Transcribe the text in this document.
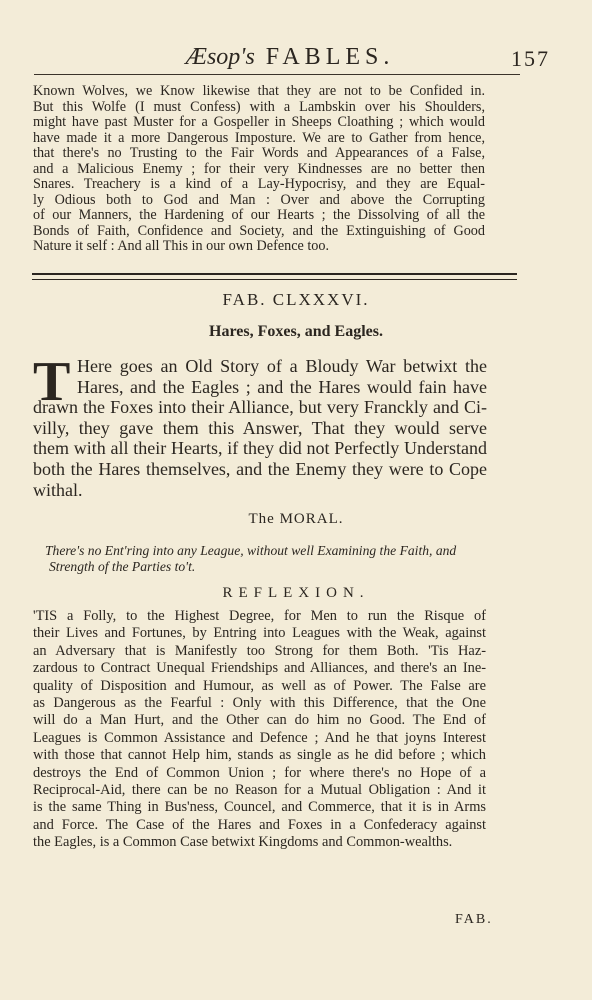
Æsop's FABLES.	157
Known Wolves, we Know likewise that they are not to be Confided in.
But this Wolfe (I must Confess) with a Lambskin over his Shoulders,
might have past Muster for a Gospeller in Sheeps Cloathing ; which would
have made it a more Dangerous Imposture. We are to Gather from hence,
that there's no Trusting to the Fair Words and Appearances of a False,
and a Malicious Enemy ; for their very Kindnesses are no better then
Snares. Treachery is a kind of a Lay-Hypocrisy, and they are Equal-
ly Odious both to God and Man : Over and above the Corrupting
of our Manners, the Hardening of our Hearts ; the Dissolving of all the
Bonds of Faith, Confidence and Society, and the Extinguishing of Good
Nature it self : And all This in our own Defence too.
FAB. CLXXXVI.
Hares, Foxes, and Eagles.
T Here goes an Old Story of a Bloudy War betwixt the
Hares, and the Eagles ; and the Hares would fain have
drawn the Foxes into their Alliance, but very Franckly and Ci-
villy, they gave them this Answer, That they would serve
them with all their Hearts, if they did not Perfectly Understand
both the Hares themselves, and the Enemy they were to Cope
withal.
The MORAL.
There's no Ent'ring into any League, without well Examining the Faith, and
Strength of the Parties to't.
REFLEXION.
'TIS a Folly, to the Highest Degree, for Men to run the Risque of
their Lives and Fortunes, by Entring into Leagues with the Weak, against
an Adversary that is Manifestly too Strong for them Both. 'Tis Haz-
zardous to Contract Unequal Friendships and Alliances, and there's an Ine-
quality of Disposition and Humour, as well as of Power. The False are
as Dangerous as the Fearful : Only with this Difference, that the One
will do a Man Hurt, and the Other can do him no Good. The End of
Leagues is Common Assistance and Defence ; And he that joyns Interest
with those that cannot Help him, stands as single as he did before ; which
destroys the End of Common Union ; for where there's no Hope of a
Reciprocal-Aid, there can be no Reason for a Mutual Obligation : And it
is the same Thing in Bus'ness, Councel, and Commerce, that it is in Arms
and Force. The Case of the Hares and Foxes in a Confederacy against
the Eagles, is a Common Case betwixt Kingdoms and Common-wealths.
FAB.
